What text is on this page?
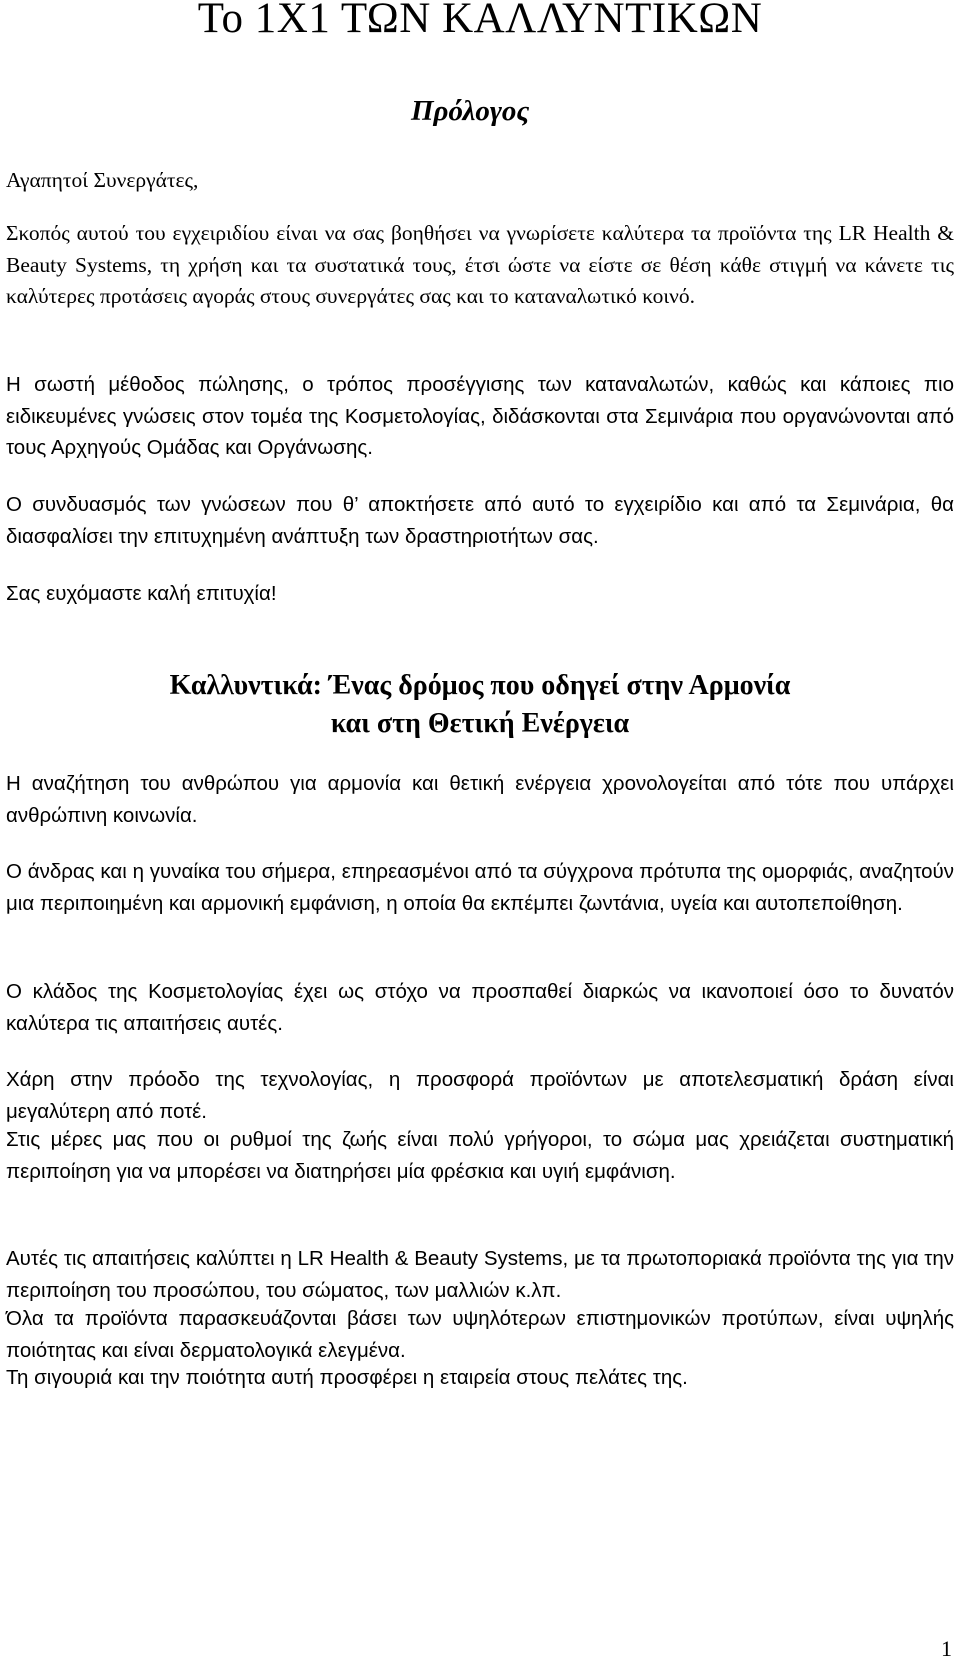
Το 1Χ1 ΤΩΝ ΚΑΛΛΥΝΤΙΚΩΝ
Πρόλογος

Αγαπητοί Συνεργάτες,

Σκοπός αυτού του εγχειριδίου είναι να σας βοηθήσει να γνωρίσετε καλύτερα τα προϊόντα της LR Health & Beauty Systems, τη χρήση και τα συστατικά τους, έτσι ώστε να είστε σε θέση κάθε στιγμή να κάνετε τις καλύτερες προτάσεις αγοράς στους συνεργάτες σας και το καταναλωτικό κοινό.

Η σωστή μέθοδος πώλησης, ο τρόπος προσέγγισης των καταναλωτών, καθώς και κάποιες πιο ειδικευμένες γνώσεις στον τομέα της Κοσμετολογίας, διδάσκονται στα Σεμινάρια που οργανώνονται από τους Αρχηγούς Ομάδας και Οργάνωσης.

Ο συνδυασμός των γνώσεων που θ’ αποκτήσετε από αυτό το εγχειρίδιο και από τα Σεμινάρια, θα διασφαλίσει την επιτυχημένη ανάπτυξη των δραστηριοτήτων σας.

Σας ευχόμαστε καλή επιτυχία!

Καλλυντικά: Ένας δρόμος που οδηγεί στην Αρμονία
και στη Θετική Ενέργεια

Η αναζήτηση του ανθρώπου για αρμονία και θετική ενέργεια χρονολογείται από τότε που υπάρχει ανθρώπινη κοινωνία.

Ο άνδρας και η γυναίκα του σήμερα, επηρεασμένοι από τα σύγχρονα πρότυπα της ομορφιάς, αναζητούν μια περιποιημένη και αρμονική εμφάνιση, η οποία θα εκπέμπει ζωντάνια, υγεία και αυτοπεποίθηση.

Ο κλάδος της Κοσμετολογίας έχει ως στόχο να προσπαθεί διαρκώς να ικανοποιεί όσο το δυνατόν καλύτερα τις απαιτήσεις αυτές.

Χάρη στην πρόοδο της τεχνολογίας, η προσφορά προϊόντων με αποτελεσματική δράση είναι μεγαλύτερη από ποτέ.

Στις μέρες μας που οι ρυθμοί της ζωής είναι πολύ γρήγοροι, το σώμα μας χρειάζεται συστηματική περιποίηση για να μπορέσει να διατηρήσει μία φρέσκια και υγιή εμφάνιση.

Αυτές τις απαιτήσεις καλύπτει η LR Health & Beauty Systems, με τα πρωτοποριακά προϊόντα της για την περιποίηση του προσώπου, του σώματος, των μαλλιών κ.λπ.

Όλα τα προϊόντα παρασκευάζονται βάσει των υψηλότερων επιστημονικών προτύπων, είναι υψηλής ποιότητας και είναι δερματολογικά ελεγμένα.

Τη σιγουριά και την ποιότητα αυτή προσφέρει η εταιρεία στους πελάτες της.

1
